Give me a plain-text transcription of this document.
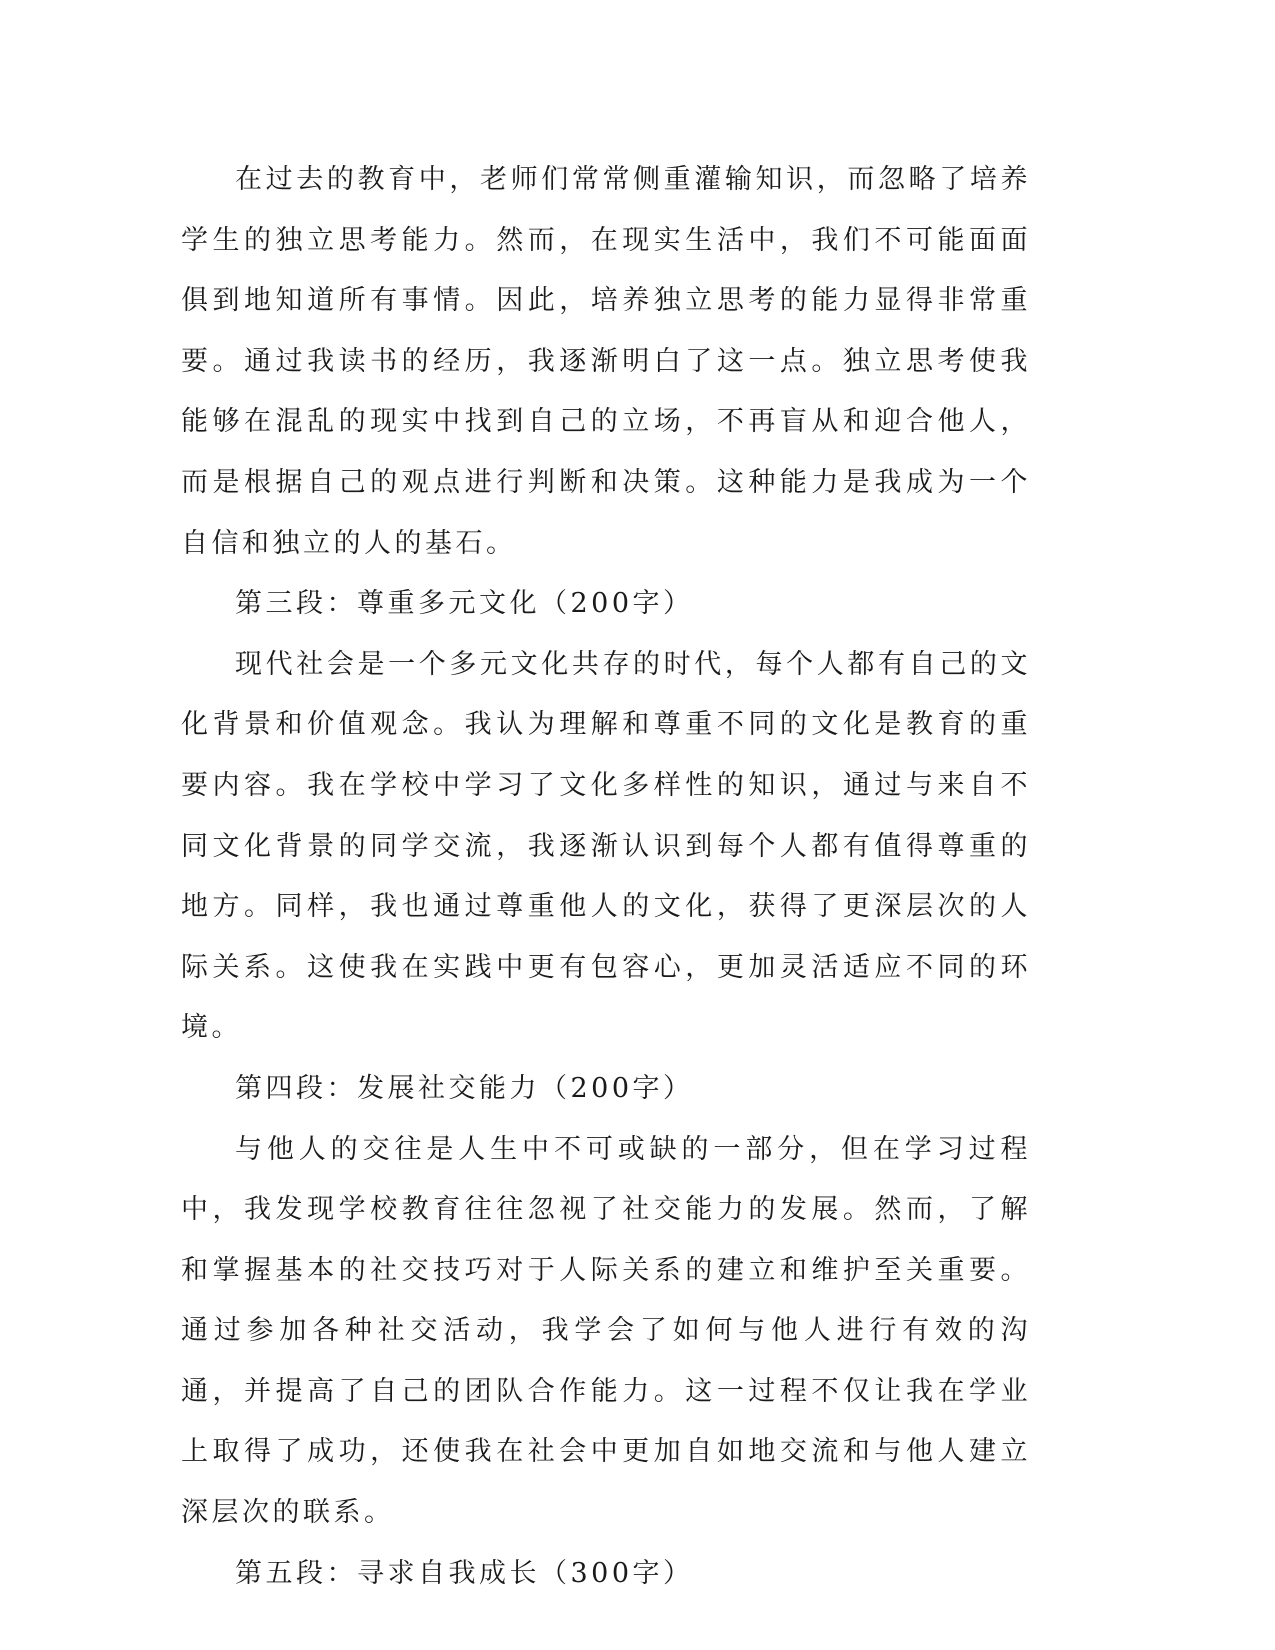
在过去的教育中，老师们常常侧重灌输知识，而忽略了培养学生的独立思考能力。然而，在现实生活中，我们不可能面面俱到地知道所有事情。因此，培养独立思考的能力显得非常重要。通过我读书的经历，我逐渐明白了这一点。独立思考使我能够在混乱的现实中找到自己的立场，不再盲从和迎合他人，而是根据自己的观点进行判断和决策。这种能力是我成为一个自信和独立的人的基石。

第三段：尊重多元文化（200字）

现代社会是一个多元文化共存的时代，每个人都有自己的文化背景和价值观念。我认为理解和尊重不同的文化是教育的重要内容。我在学校中学习了文化多样性的知识，通过与来自不同文化背景的同学交流，我逐渐认识到每个人都有值得尊重的地方。同样，我也通过尊重他人的文化，获得了更深层次的人际关系。这使我在实践中更有包容心，更加灵活适应不同的环境。

第四段：发展社交能力（200字）

与他人的交往是人生中不可或缺的一部分，但在学习过程中，我发现学校教育往往忽视了社交能力的发展。然而，了解和掌握基本的社交技巧对于人际关系的建立和维护至关重要。通过参加各种社交活动，我学会了如何与他人进行有效的沟通，并提高了自己的团队合作能力。这一过程不仅让我在学业上取得了成功，还使我在社会中更加自如地交流和与他人建立深层次的联系。

第五段：寻求自我成长（300字）
